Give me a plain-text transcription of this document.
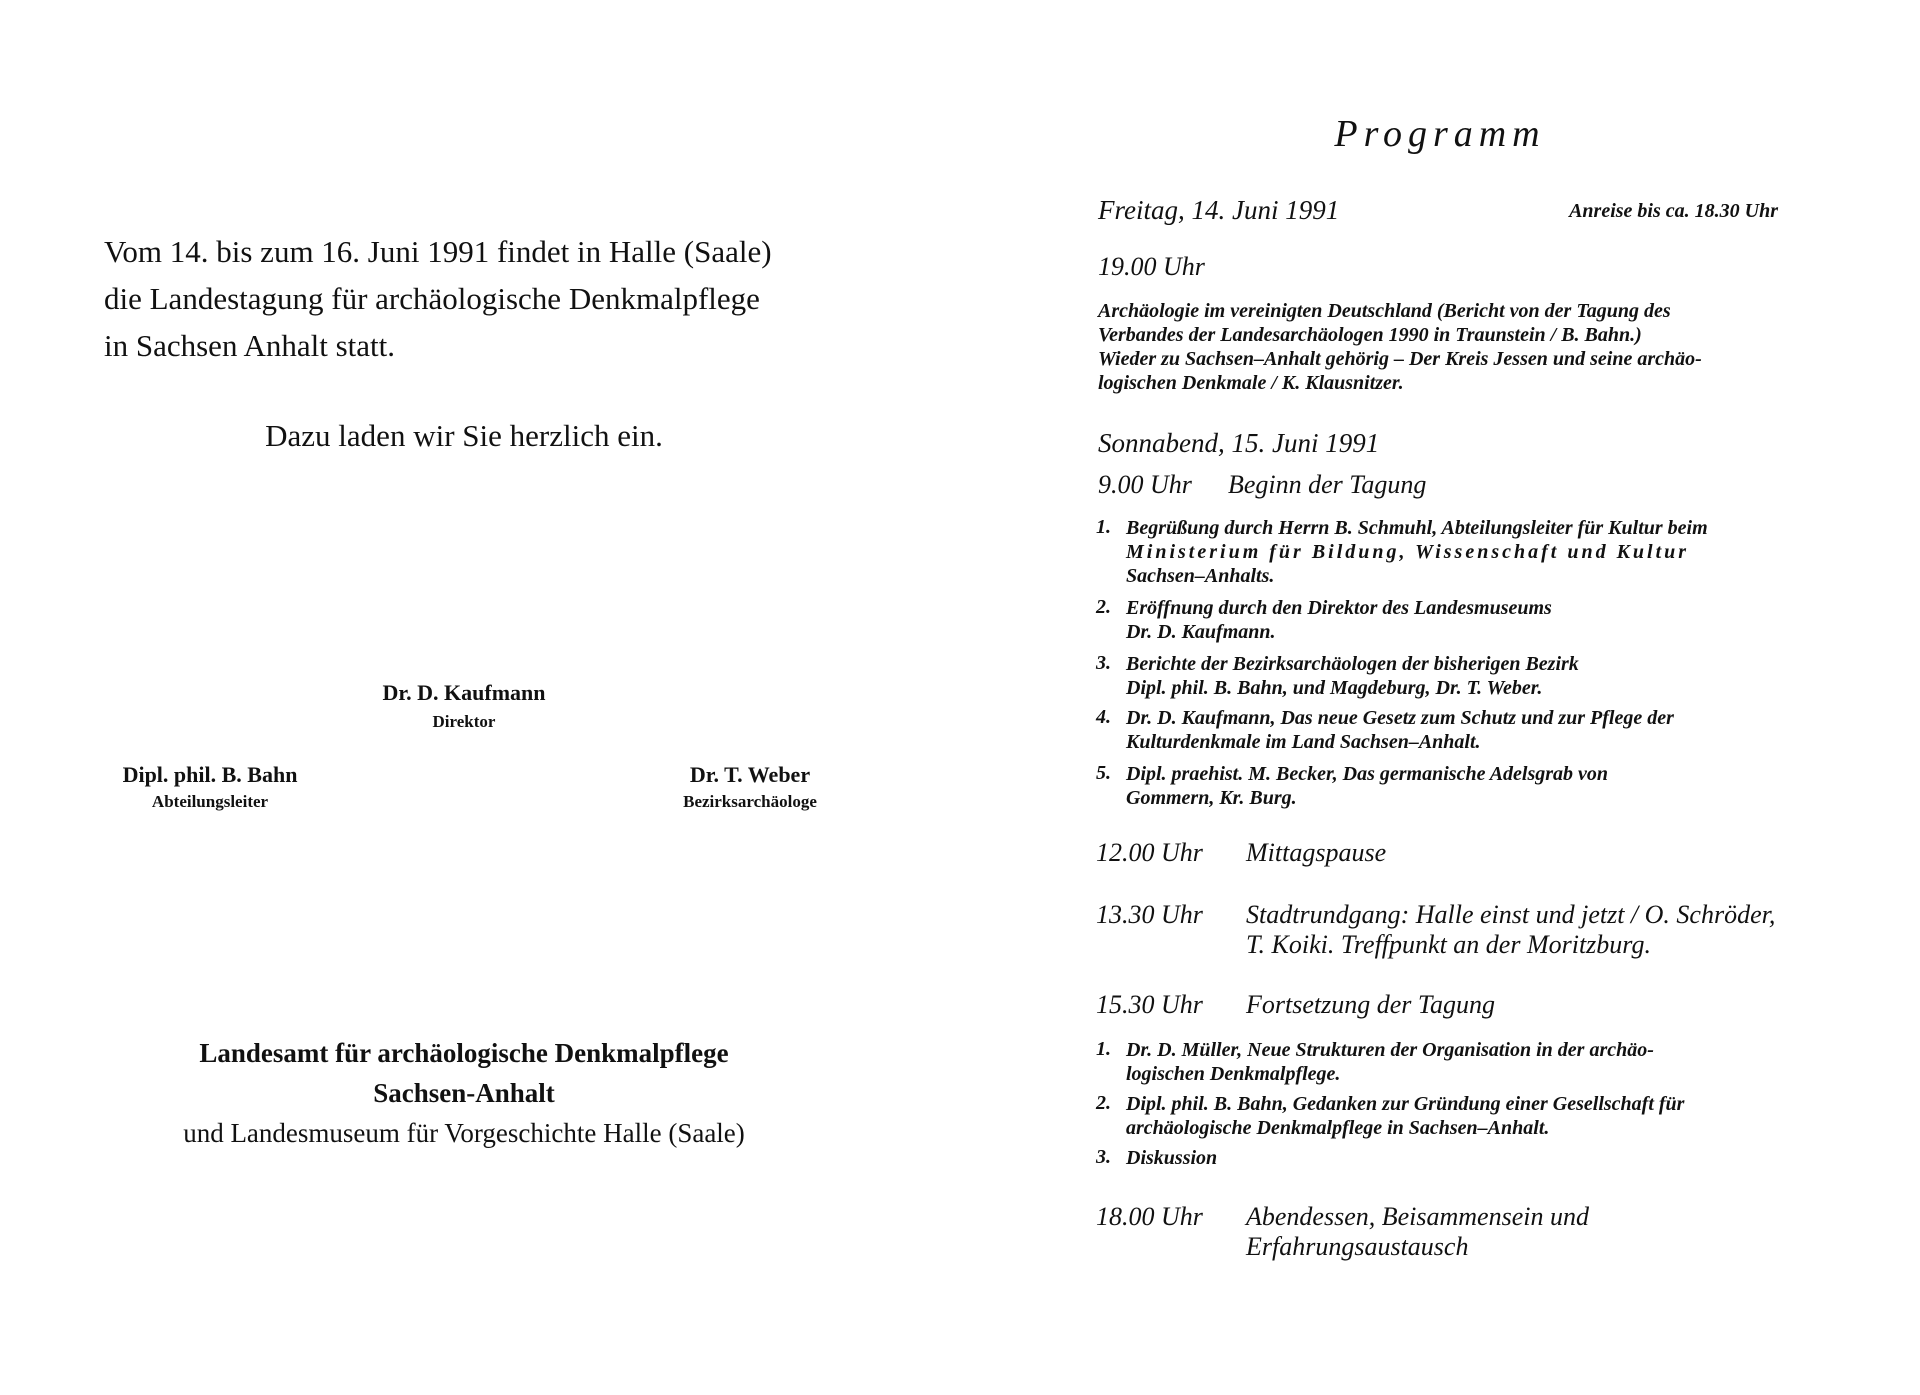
Vom 14. bis zum 16. Juni 1991 findet in Halle (Saale)
die Landestagung für archäologische Denkmalpflege
in Sachsen Anhalt statt.
Dazu laden wir Sie herzlich ein.
Dr. D. Kaufmann
Direktor
Dipl. phil. B. Bahn
Abteilungsleiter
Dr. T. Weber
Bezirksarchäologe
Landesamt für archäologische Denkmalpflege
Sachsen-Anhalt
und Landesmuseum für Vorgeschichte Halle (Saale)
Programm
Freitag, 14. Juni 1991	Anreise bis ca. 18.30 Uhr
19.00 Uhr
Archäologie im vereinigten Deutschland (Bericht von der Tagung des
Verbandes der Landesarchäologen 1990 in Traunstein / B. Bahn.)
Wieder zu Sachsen–Anhalt gehörig – Der Kreis Jessen und seine archäo-
logischen Denkmale / K. Klausnitzer.
Sonnabend, 15. Juni 1991
9.00 Uhr Beginn der Tagung
1. Begrüßung durch Herrn B. Schmuhl, Abteilungsleiter für Kultur beim
Ministerium für Bildung, Wissenschaft und Kultur
Sachsen–Anhalts.
2. Eröffnung durch den Direktor des Landesmuseums
Dr. D. Kaufmann.
3. Berichte der Bezirksarchäologen der bisherigen Bezirk
Dipl. phil. B. Bahn, und Magdeburg, Dr. T. Weber.
4. Dr. D. Kaufmann, Das neue Gesetz zum Schutz und zur Pflege der
Kulturdenkmale im Land Sachsen–Anhalt.
5. Dipl. praehist. M. Becker, Das germanische Adelsgrab von
Gommern, Kr. Burg.
12.00 Uhr Mittagspause
13.30 Uhr Stadtrundgang: Halle einst und jetzt / O. Schröder,
T. Koiki. Treffpunkt an der Moritzburg.
15.30 Uhr Fortsetzung der Tagung
1. Dr. D. Müller, Neue Strukturen der Organisation in der archäo-
logischen Denkmalpflege.
2. Dipl. phil. B. Bahn, Gedanken zur Gründung einer Gesellschaft für
archäologische Denkmalpflege in Sachsen–Anhalt.
3. Diskussion
18.00 Uhr Abendessen, Beisammensein und
Erfahrungsaustausch
